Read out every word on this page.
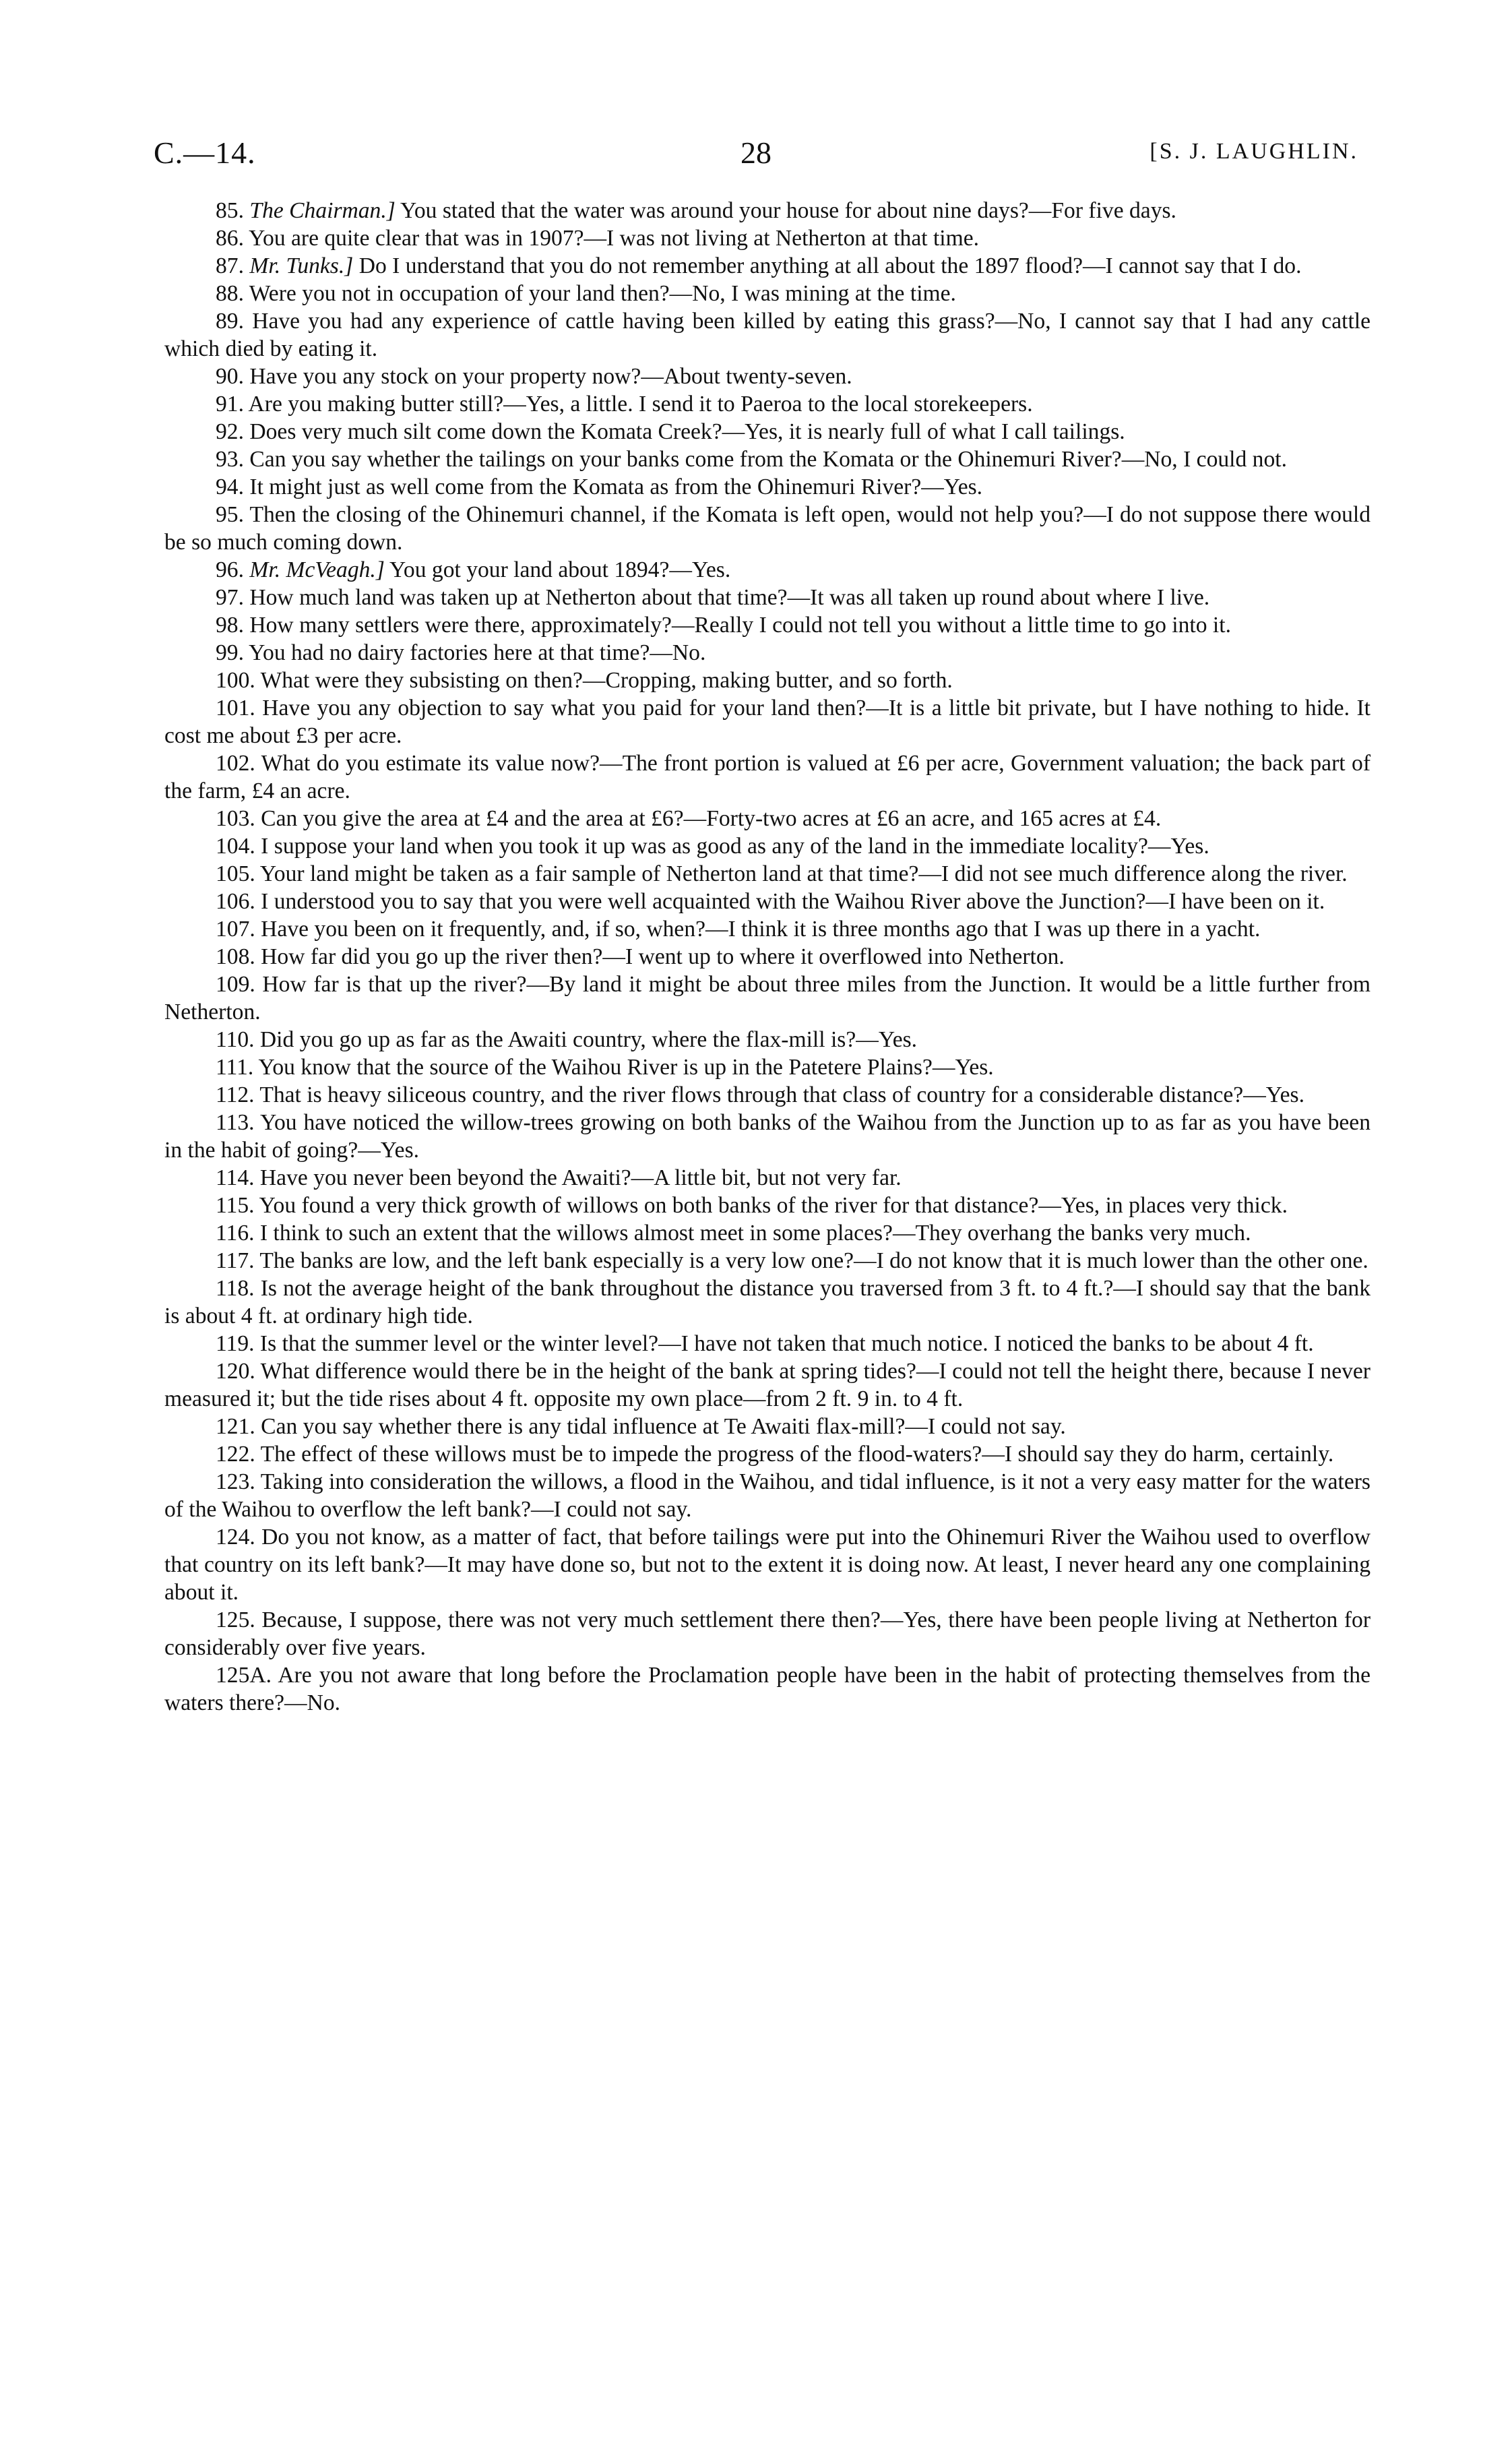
C.—14.	28	[S. J. LAUGHLIN.

85. The Chairman.] You stated that the water was around your house for about nine days?—For five days.

86. You are quite clear that was in 1907?—I was not living at Netherton at that time.

87. Mr. Tunks.] Do I understand that you do not remember anything at all about the 1897 flood?—I cannot say that I do.

88. Were you not in occupation of your land then?—No, I was mining at the time.

89. Have you had any experience of cattle having been killed by eating this grass?—No, I cannot say that I had any cattle which died by eating it.

90. Have you any stock on your property now?—About twenty-seven.

91. Are you making butter still?—Yes, a little. I send it to Paeroa to the local storekeepers.

92. Does very much silt come down the Komata Creek?—Yes, it is nearly full of what I call tailings.

93. Can you say whether the tailings on your banks come from the Komata or the Ohinemuri River?—No, I could not.

94. It might just as well come from the Komata as from the Ohinemuri River?—Yes.

95. Then the closing of the Ohinemuri channel, if the Komata is left open, would not help you?—I do not suppose there would be so much coming down.

96. Mr. McVeagh.] You got your land about 1894?—Yes.

97. How much land was taken up at Netherton about that time?—It was all taken up round about where I live.

98. How many settlers were there, approximately?—Really I could not tell you without a little time to go into it.

99. You had no dairy factories here at that time?—No.

100. What were they subsisting on then?—Cropping, making butter, and so forth.

101. Have you any objection to say what you paid for your land then?—It is a little bit private, but I have nothing to hide. It cost me about £3 per acre.

102. What do you estimate its value now?—The front portion is valued at £6 per acre, Government valuation; the back part of the farm, £4 an acre.

103. Can you give the area at £4 and the area at £6?—Forty-two acres at £6 an acre, and 165 acres at £4.

104. I suppose your land when you took it up was as good as any of the land in the immediate locality?—Yes.

105. Your land might be taken as a fair sample of Netherton land at that time?—I did not see much difference along the river.

106. I understood you to say that you were well acquainted with the Waihou River above the Junction?—I have been on it.

107. Have you been on it frequently, and, if so, when?—I think it is three months ago that I was up there in a yacht.

108. How far did you go up the river then?—I went up to where it overflowed into Netherton.

109. How far is that up the river?—By land it might be about three miles from the Junction. It would be a little further from Netherton.

110. Did you go up as far as the Awaiti country, where the flax-mill is?—Yes.

111. You know that the source of the Waihou River is up in the Patetere Plains?—Yes.

112. That is heavy siliceous country, and the river flows through that class of country for a considerable distance?—Yes.

113. You have noticed the willow-trees growing on both banks of the Waihou from the Junction up to as far as you have been in the habit of going?—Yes.

114. Have you never been beyond the Awaiti?—A little bit, but not very far.

115. You found a very thick growth of willows on both banks of the river for that distance?—Yes, in places very thick.

116. I think to such an extent that the willows almost meet in some places?—They overhang the banks very much.

117. The banks are low, and the left bank especially is a very low one?—I do not know that it is much lower than the other one.

118. Is not the average height of the bank throughout the distance you traversed from 3 ft. to 4 ft.?—I should say that the bank is about 4 ft. at ordinary high tide.

119. Is that the summer level or the winter level?—I have not taken that much notice. I noticed the banks to be about 4 ft.

120. What difference would there be in the height of the bank at spring tides?—I could not tell the height there, because I never measured it; but the tide rises about 4 ft. opposite my own place—from 2 ft. 9 in. to 4 ft.

121. Can you say whether there is any tidal influence at Te Awaiti flax-mill?—I could not say.

122. The effect of these willows must be to impede the progress of the flood-waters?—I should say they do harm, certainly.

123. Taking into consideration the willows, a flood in the Waihou, and tidal influence, is it not a very easy matter for the waters of the Waihou to overflow the left bank?—I could not say.

124. Do you not know, as a matter of fact, that before tailings were put into the Ohinemuri River the Waihou used to overflow that country on its left bank?—It may have done so, but not to the extent it is doing now. At least, I never heard any one complaining about it.

125. Because, I suppose, there was not very much settlement there then?—Yes, there have been people living at Netherton for considerably over five years.

125A. Are you not aware that long before the Proclamation people have been in the habit of protecting themselves from the waters there?—No.
